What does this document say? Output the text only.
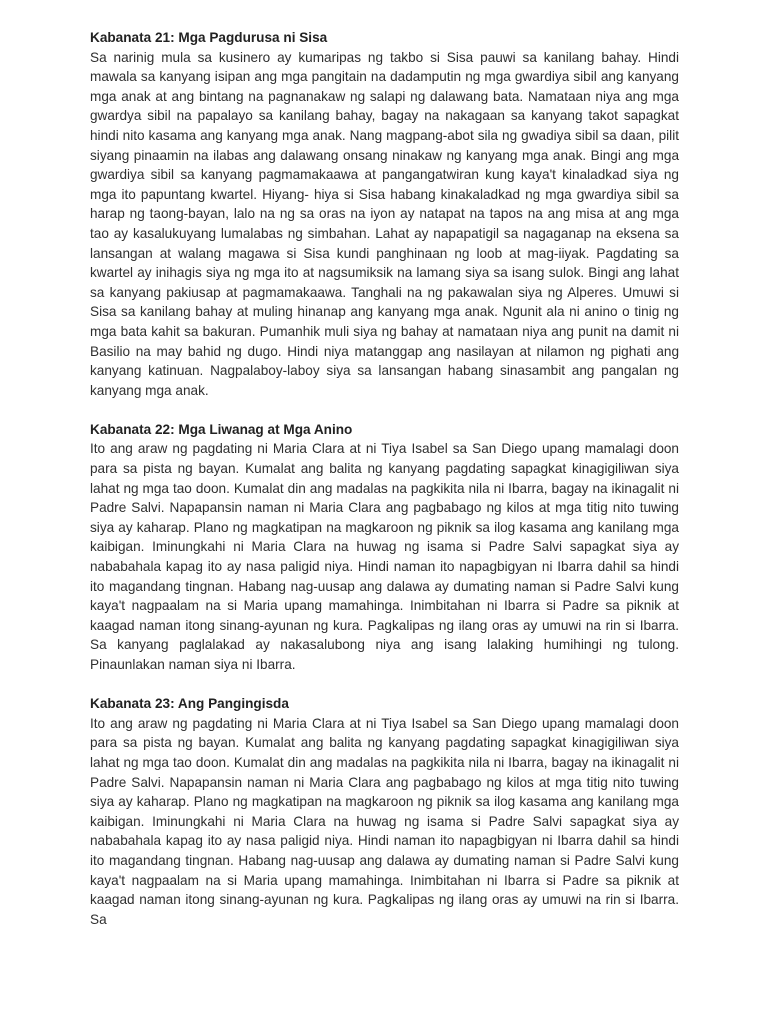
Kabanata 21: Mga Pagdurusa ni Sisa

Sa narinig mula sa kusinero ay kumaripas ng takbo si Sisa pauwi sa kanilang bahay. Hindi mawala sa kanyang isipan ang mga pangitain na dadamputin ng mga gwardiya sibil ang kanyang mga anak at ang bintang na pagnanakaw ng salapi ng dalawang bata. Namataan niya ang mga gwardya sibil na papalayo sa kanilang bahay, bagay na nakagaan sa kanyang takot sapagkat hindi nito kasama ang kanyang mga anak. Nang magpang-abot sila ng gwadiya sibil sa daan, pilit siyang pinaamin na ilabas ang dalawang onsang ninakaw ng kanyang mga anak. Bingi ang mga gwardiya sibil sa kanyang pagmamakaawa at pangangatwiran kung kaya't kinaladkad siya ng mga ito papuntang kwartel. Hiyang- hiya si Sisa habang kinakaladkad ng mga gwardiya sibil sa harap ng taong-bayan, lalo na ng sa oras na iyon ay natapat na tapos na ang misa at ang mga tao ay kasalukuyang lumalabas ng simbahan. Lahat ay napapatigil sa nagaganap na eksena sa lansangan at walang magawa si Sisa kundi panghinaan ng loob at mag-iiyak. Pagdating sa kwartel ay inihagis siya ng mga ito at nagsumiksik na lamang siya sa isang sulok. Bingi ang lahat sa kanyang pakiusap at pagmamakaawa. Tanghali na ng pakawalan siya ng Alperes. Umuwi si Sisa sa kanilang bahay at muling hinanap ang kanyang mga anak. Ngunit ala ni anino o tinig ng mga bata kahit sa bakuran. Pumanhik muli siya ng bahay at namataan niya ang punit na damit ni Basilio na may bahid ng dugo. Hindi niya matanggap ang nasilayan at nilamon ng pighati ang kanyang katinuan. Nagpalaboy-laboy siya sa lansangan habang sinasambit ang pangalan ng kanyang mga anak.

Kabanata 22: Mga Liwanag at Mga Anino

Ito ang araw ng pagdating ni Maria Clara at ni Tiya Isabel sa San Diego upang mamalagi doon para sa pista ng bayan. Kumalat ang balita ng kanyang pagdating sapagkat kinagigiliwan siya lahat ng mga tao doon. Kumalat din ang madalas na pagkikita nila ni Ibarra, bagay na ikinagalit ni Padre Salvi. Napapansin naman ni Maria Clara ang pagbabago ng kilos at mga titig nito tuwing siya ay kaharap. Plano ng magkatipan na magkaroon ng piknik sa ilog kasama ang kanilang mga kaibigan. Iminungkahi ni Maria Clara na huwag ng isama si Padre Salvi sapagkat siya ay nababahala kapag ito ay nasa paligid niya. Hindi naman ito napagbigyan ni Ibarra dahil sa hindi ito magandang tingnan. Habang nag-uusap ang dalawa ay dumating naman si Padre Salvi kung kaya't nagpaalam na si Maria upang mamahinga. Inimbitahan ni Ibarra si Padre sa piknik at kaagad naman itong sinang-ayunan ng kura. Pagkalipas ng ilang oras ay umuwi na rin si Ibarra. Sa kanyang paglalakad ay nakasalubong niya ang isang lalaking humihingi ng tulong. Pinaunlakan naman siya ni Ibarra.

Kabanata 23: Ang Pangingisda

Ito ang araw ng pagdating ni Maria Clara at ni Tiya Isabel sa San Diego upang mamalagi doon para sa pista ng bayan. Kumalat ang balita ng kanyang pagdating sapagkat kinagigiliwan siya lahat ng mga tao doon. Kumalat din ang madalas na pagkikita nila ni Ibarra, bagay na ikinagalit ni Padre Salvi. Napapansin naman ni Maria Clara ang pagbabago ng kilos at mga titig nito tuwing siya ay kaharap. Plano ng magkatipan na magkaroon ng piknik sa ilog kasama ang kanilang mga kaibigan. Iminungkahi ni Maria Clara na huwag ng isama si Padre Salvi sapagkat siya ay nababahala kapag ito ay nasa paligid niya. Hindi naman ito napagbigyan ni Ibarra dahil sa hindi ito magandang tingnan. Habang nag-uusap ang dalawa ay dumating naman si Padre Salvi kung kaya't nagpaalam na si Maria upang mamahinga. Inimbitahan ni Ibarra si Padre sa piknik at kaagad naman itong sinang-ayunan ng kura. Pagkalipas ng ilang oras ay umuwi na rin si Ibarra. Sa
